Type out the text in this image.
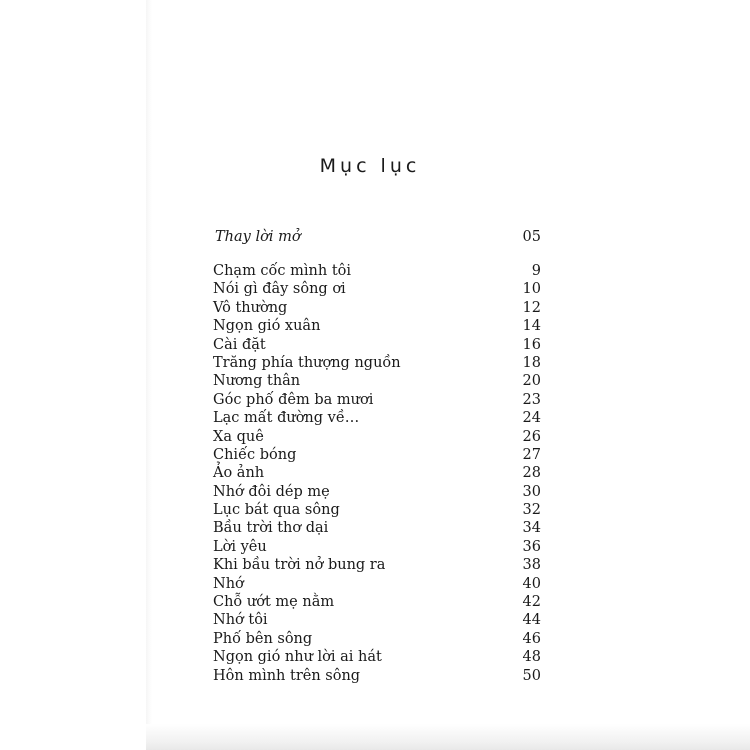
Mục lục
Thay lời mở	05
Chạm cốc mình tôi	9
Nói gì đây sông ơi	10
Vô thường	12
Ngọn gió xuân	14
Cài đặt	16
Trăng phía thượng nguồn	18
Nương thân	20
Góc phố đêm ba mươi	23
Lạc mất đường về…	24
Xa quê	26
Chiếc bóng	27
Ảo ảnh	28
Nhớ đôi dép mẹ	30
Lục bát qua sông	32
Bầu trời thơ dại	34
Lời yêu	36
Khi bầu trời nở bung ra	38
Nhớ	40
Chỗ ướt mẹ nằm	42
Nhớ tôi	44
Phố bên sông	46
Ngọn gió như lời ai hát	48
Hôn mình trên sông	50
